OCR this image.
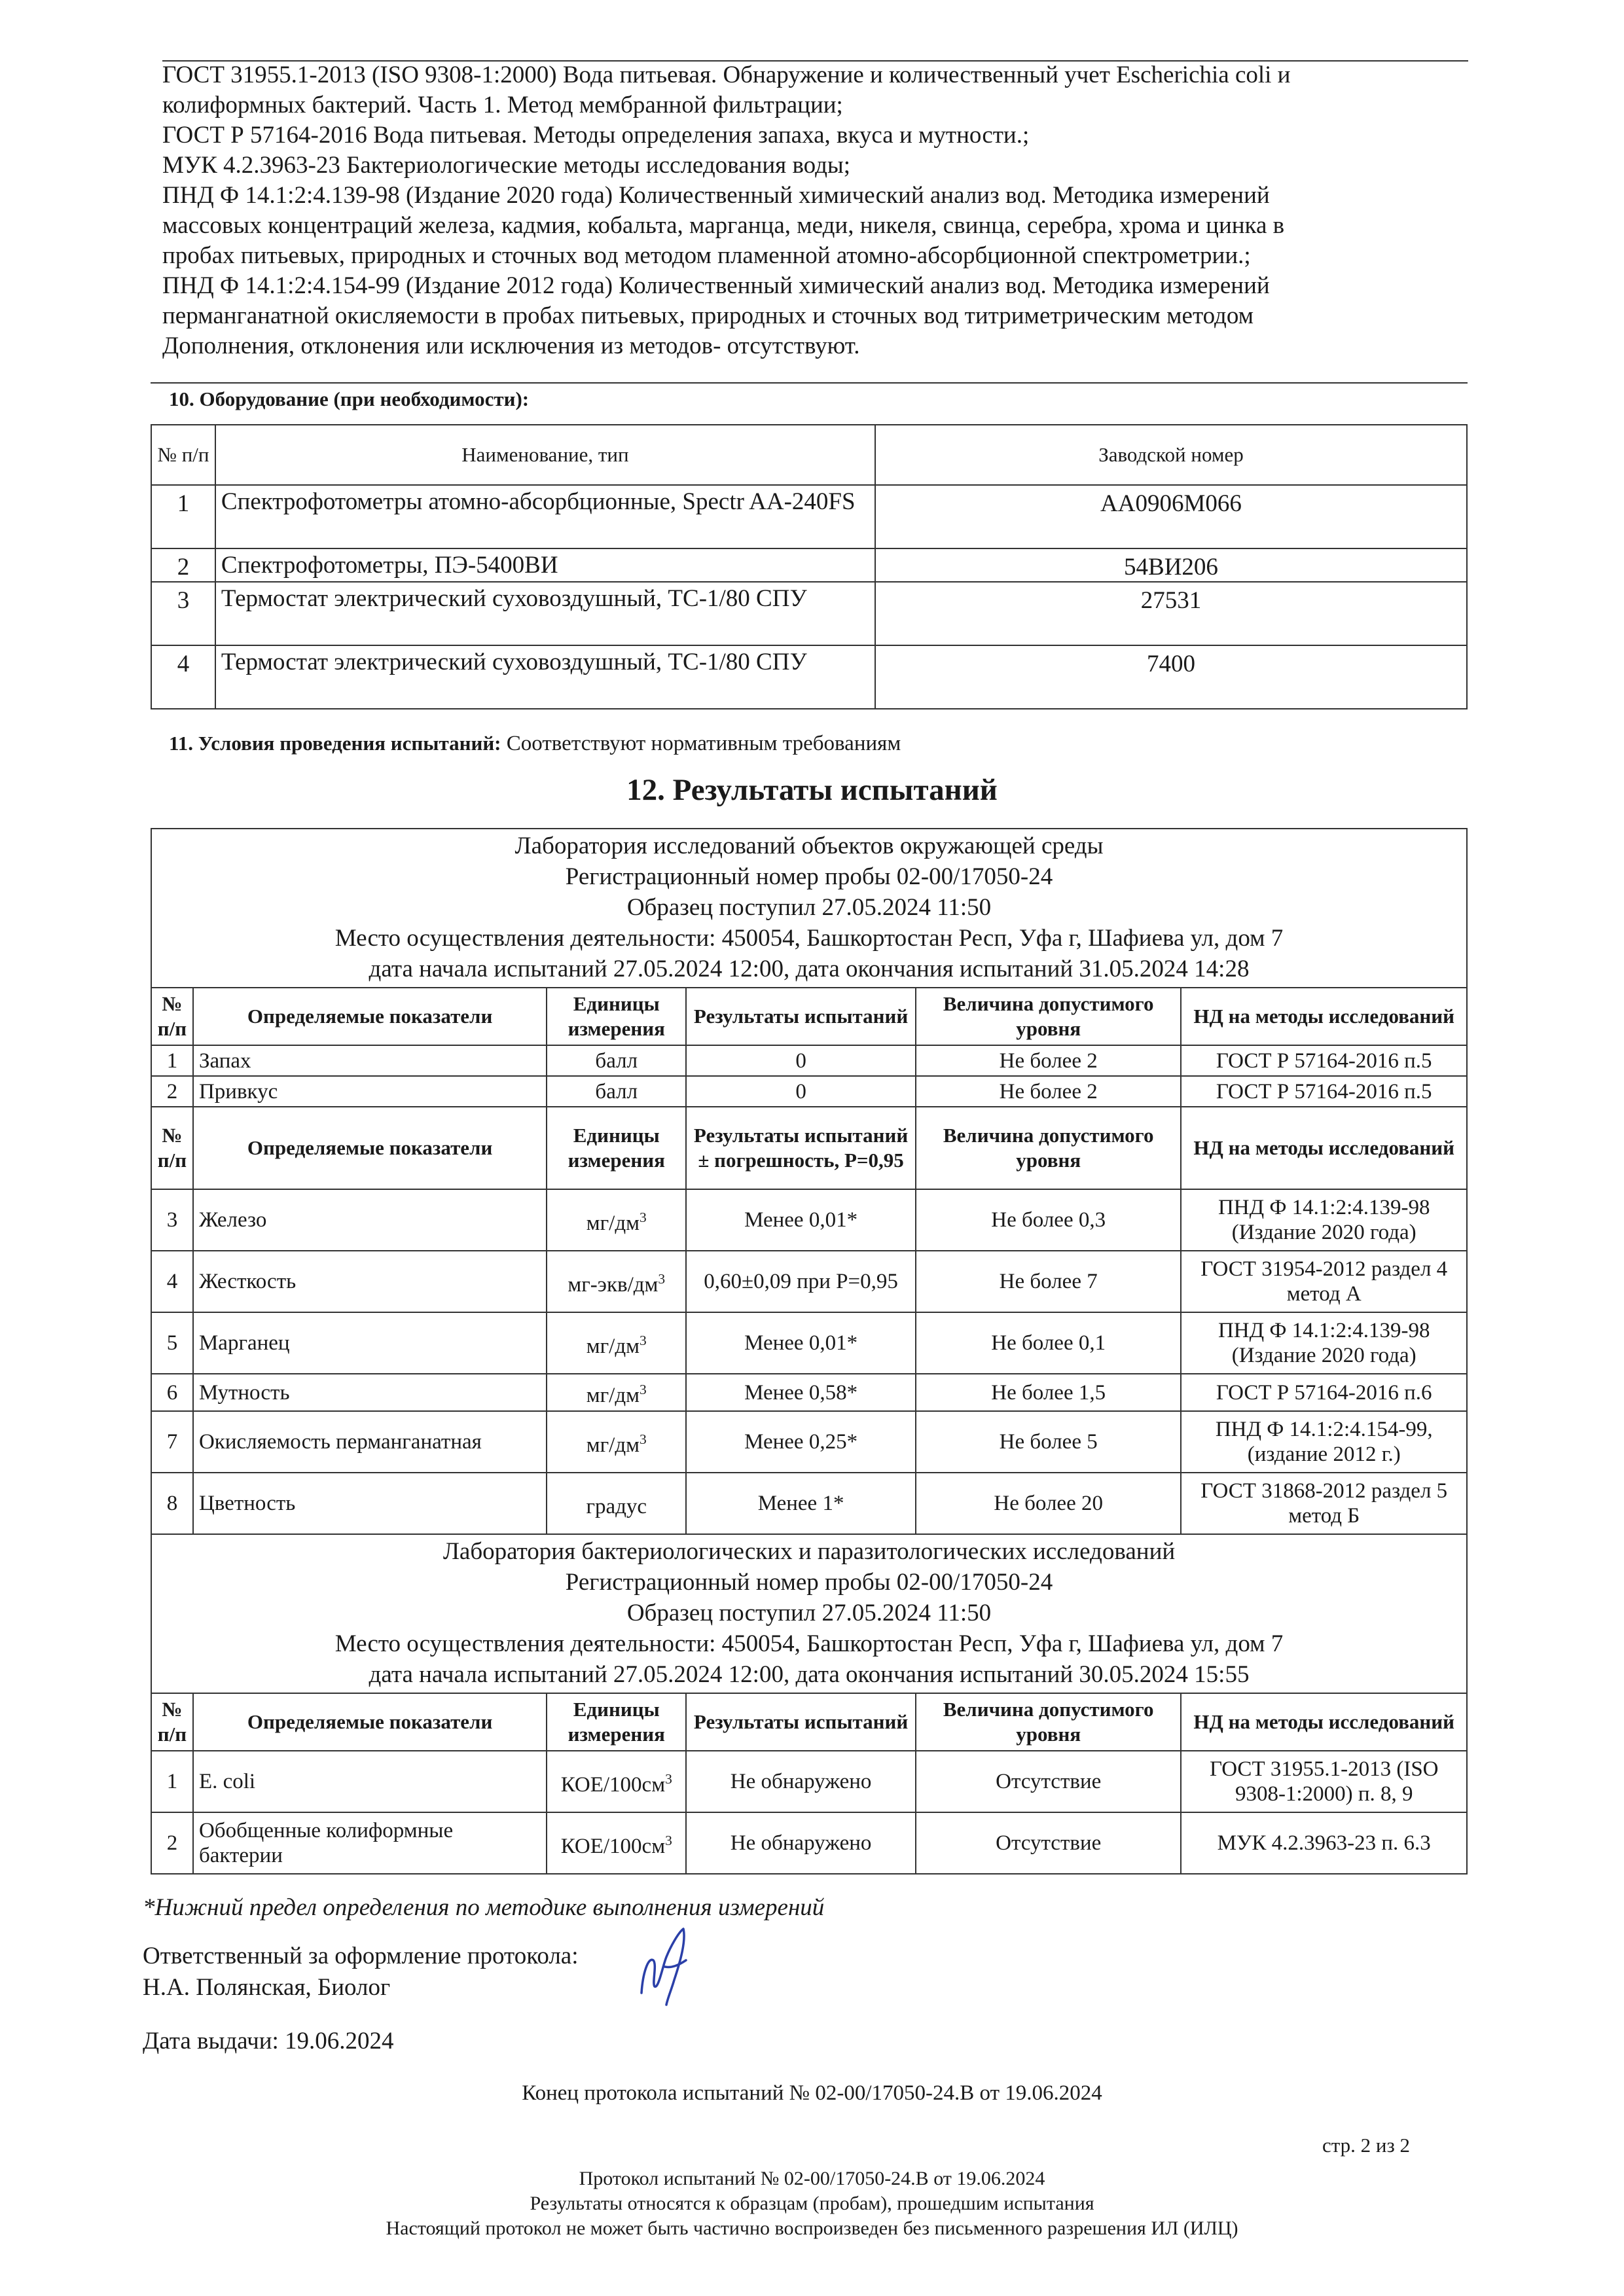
ГОСТ 31955.1-2013 (ISO 9308-1:2000) Вода питьевая. Обнаружение и количественный учет Escherichia coli и

колиформных бактерий. Часть 1. Метод мембранной фильтрации;

ГОСТ Р 57164-2016 Вода питьевая. Методы определения запаха, вкуса и мутности.;

МУК 4.2.3963-23 Бактериологические методы исследования воды;

ПНД Ф 14.1:2:4.139-98 (Издание 2020 года) Количественный химический анализ вод. Методика измерений

массовых концентраций железа, кадмия, кобальта, марганца, меди, никеля, свинца, серебра, хрома и цинка в

пробах питьевых, природных и сточных вод методом пламенной атомно-абсорбционной спектрометрии.;

ПНД Ф 14.1:2:4.154-99 (Издание 2012 года) Количественный химический анализ вод. Методика измерений

перманганатной окисляемости в пробах питьевых, природных и сточных вод титриметрическим методом

Дополнения, отклонения или исключения из методов- отсутствуют.

10. Оборудование (при необходимости):
№ п/п	Наименование, тип	Заводской номер
1	Спектрофотометры атомно-абсорбционные, Spectr AA-240FS	AA0906M066
2	Спектрофотометры, ПЭ-5400ВИ	54ВИ206
3	Термостат электрический суховоздушный, ТС-1/80 СПУ	27531
4	Термостат электрический суховоздушный, ТС-1/80 СПУ	7400
11. Условия проведения испытаний: Соответствуют нормативным требованиям
12. Результаты испытаний
Лаборатория исследований объектов окружающей среды
Регистрационный номер пробы 02-00/17050-24
Образец поступил 27.05.2024 11:50
Место осуществления деятельности: 450054, Башкортостан Респ, Уфа г, Шафиева ул, дом 7
дата начала испытаний 27.05.2024 12:00, дата окончания испытаний 31.05.2024 14:28					

№ п/п	Определяемые показатели	Единицы измерения	Результаты испытаний	Величина допустимого уровня	НД на методы исследований
1	Запах	балл	0	Не более 2	ГОСТ Р 57164-2016 п.5
2	Привкус	балл	0	Не более 2	ГОСТ Р 57164-2016 п.5
№ п/п	Определяемые показатели	Единицы измерения	Результаты испытаний ± погрешность, Р=0,95	Величина допустимого уровня	НД на методы исследований
3	Железо	$мг/дм^3$	Менее 0,01*	Не более 0,3	ПНД Ф 14.1:2:4.139-98 (Издание 2020 года)
4	Жесткость	$мг-экв/дм^3$	0,60±0,09 при Р=0,95	Не более 7	ГОСТ 31954-2012 раздел 4 метод А
5	Марганец	$мг/дм^3$	Менее 0,01*	Не более 0,1	ПНД Ф 14.1:2:4.139-98 (Издание 2020 года)
6	Мутность	$мг/дм^3$	Менее 0,58*	Не более 1,5	ГОСТ Р 57164-2016 п.6
7	Окисляемость перманганатная	$мг/дм^3$	Менее 0,25*	Не более 5	ПНД Ф 14.1:2:4.154-99, (издание 2012 г.)
8	Цветность	градус	Менее 1*	Не более 20	ГОСТ 31868-2012 раздел 5 метод Б

Лаборатория бактериологических и паразитологических исследований
Регистрационный номер пробы 02-00/17050-24
Образец поступил 27.05.2024 11:50
Место осуществления деятельности: 450054, Башкортостан Респ, Уфа г, Шафиева ул, дом 7
дата начала испытаний 27.05.2024 12:00, дата окончания испытаний 30.05.2024 15:55					

№ п/п	Определяемые показатели	Единицы измерения	Результаты испытаний	Величина допустимого уровня	НД на методы исследований
1	E. coli	КОЕ/$100см^3$	Не обнаружено	Отсутствие	ГОСТ 31955.1-2013 (ISO 9308-1:2000) п. 8, 9
2	Обобщенные колиформные бактерии	КОЕ/$100см^3$	Не обнаружено	Отсутствие	МУК 4.2.3963-23 п. 6.3
*Нижний предел определения по методике выполнения измерений
Ответственный за оформление протокола:
Н.А. Полянская, Биолог
Дата выдачи: 19.06.2024
Конец протокола испытаний № 02-00/17050-24.В от 19.06.2024
стр. 2 из 2
Протокол испытаний № 02-00/17050-24.В от 19.06.2024
Результаты относятся к образцам (пробам), прошедшим испытания
Настоящий протокол не может быть частично воспроизведен без письменного разрешения ИЛ (ИЛЦ)
